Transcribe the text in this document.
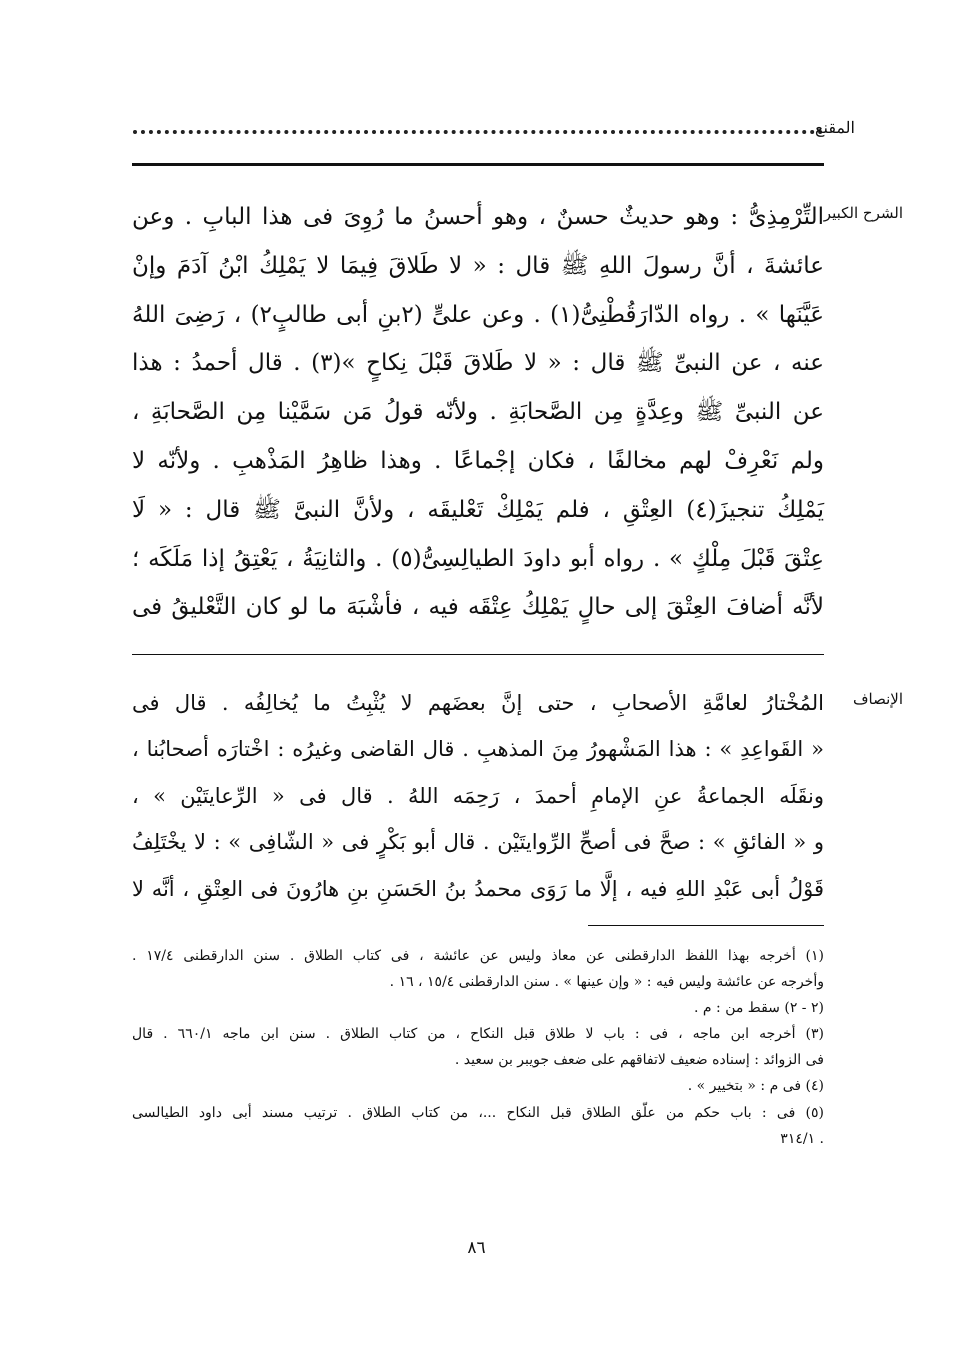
المقنع
الشرح الكبير

التِّرْمِذِىُّ : وهو حديثٌ حسنٌ ، وهو أحسنُ ما رُوِىَ فى هذا البابِ . وعن

عائشةَ ، أنَّ رسولَ اللهِ ﷺ قال : « لا طَلاقَ فِيمَا لا يَمْلِكُ ابْنُ آدَمَ وإنْ

عَيَّنَها » . رواه الدّارَقُطْنِىُّ(١) . وعن علىٍّ (٢بنِ أبى طالبٍ٢) ، رَضِىَ اللهُ

عنه ، عن النبىِّ ﷺ قال : « لا طَلاقَ قَبْلَ نِكاحٍ »(٣) . قال أحمدُ : هذا

عن النبىِّ ﷺ وعِدَّةٍ مِن الصَّحابَةِ . ولأنّه قولُ مَن سَمَّيْنا مِن الصَّحابَةِ ،

ولم نَعْرِفْ لهم مخالفًا ، فكان إجْماعًا . وهذا ظاهِرُ المَذْهبِ . ولأنّه لا

يَمْلِكُ تنجيزَ(٤) العِتْقِ ، فلم يَمْلِكْ تَعْليقَه ، ولأنَّ النبىَّ ﷺ قال : « لَا

عِتْقَ قَبْلَ مِلْكٍ » . رواه أبو داودَ الطيالِسِىُّ(٥) . والثانِيَةُ ، يَعْتِقُ إذا مَلَكَه ؛

لأنَّه أضافَ العِتْقَ إلى حالٍ يَمْلِكُ عِتْقَه فيه ، فأشْبَهَ ما لو كان التَّعْليقُ فى

الإنصاف

المُخْتارُ لعامَّةِ الأصحابِ ، حتى إنَّ بعضَهم لا يُثْبِتُ ما يُخالِفُه . قال فى

« القَواعِدِ » : هذا المَشْهورُ مِنَ المذهبِ . قال القاضى وغيرُه : اخْتارَه أصحابُنا ،

ونقَلَه الجماعةُ عنِ الإمامِ أحمدَ ، رَحِمَه اللهُ . قال فى « الرِّعايتَيْن » ،

و « الفائقِ » : صحَّ فى أصحِّ الرِّوايتَيْن . قال أبو بَكْرٍ فى « الشّافِى » : لا يخْتَلِفُ

قَوْلُ أبى عَبْدِ اللهِ فيه ، إلَّا ما رَوَى محمدُ بنُ الحَسَنِ بنِ هارُونَ فى العِتْقِ ، أنَّه لا

(١) أخرجه بهذا اللفظ الدارقطنى عن معاذ وليس عن عائشة ، فى كتاب الطلاق . سنن الدارقطنى ١٧/٤ .

وأخرجه عن عائشة وليس فيه : « وإن عينها » . سنن الدارقطنى ١٥/٤ ، ١٦ .

(٢ - ٢) سقط من : م .

(٣) أخرجه ابن ماجه ، فى : باب لا طلاق قبل النكاح ، من كتاب الطلاق . سنن ابن ماجه ٦٦٠/١ . قال

فى الزوائد : إسناده ضعيف لاتفاقهم على ضعف جويبر بن سعيد .

(٤) فى م : « بتخيير » .

(٥) فى : باب حكم من علّق الطلاق قبل النكاح ...، من كتاب الطلاق . ترتيب مسند أبى داود الطيالسى

. ٣١٤/١

٨٦
